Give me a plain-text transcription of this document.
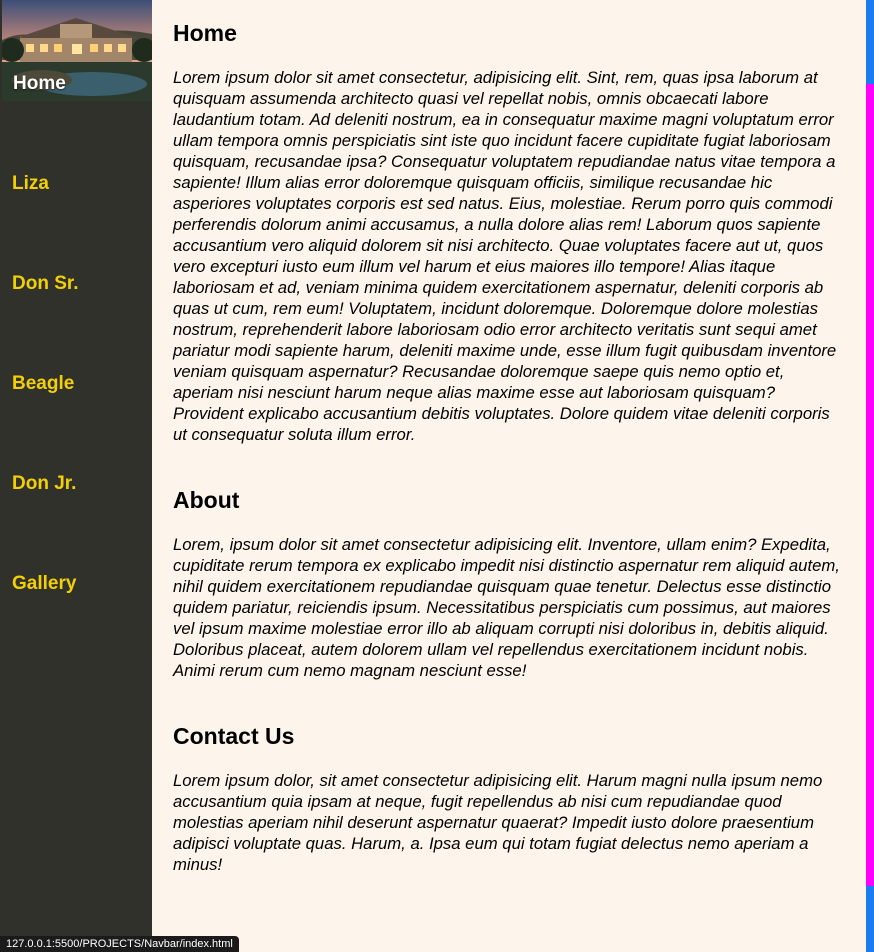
Home
Liza
Don Sr.
Beagle
Don Jr.
Gallery
Home

Lorem ipsum dolor sit amet consectetur, adipisicing elit. Sint, rem, quas ipsa laborum at quisquam assumenda architecto quasi vel repellat nobis, omnis obcaecati labore laudantium totam. Ad deleniti nostrum, ea in consequatur maxime magni voluptatum error ullam tempora omnis perspiciatis sint iste quo incidunt facere cupiditate fugiat laboriosam quisquam, recusandae ipsa? Consequatur voluptatem repudiandae natus vitae tempora a sapiente! Illum alias error doloremque quisquam officiis, similique recusandae hic asperiores voluptates corporis est sed natus. Eius, molestiae. Rerum porro quis commodi perferendis dolorum animi accusamus, a nulla dolore alias rem! Laborum quos sapiente accusantium vero aliquid dolorem sit nisi architecto. Quae voluptates facere aut ut, quos vero excepturi iusto eum illum vel harum et eius maiores illo tempore! Alias itaque laboriosam et ad, veniam minima quidem exercitationem aspernatur, deleniti corporis ab quas ut cum, rem eum! Voluptatem, incidunt doloremque. Doloremque dolore molestias nostrum, reprehenderit labore laboriosam odio error architecto veritatis sunt sequi amet pariatur modi sapiente harum, deleniti maxime unde, esse illum fugit quibusdam inventore veniam quisquam aspernatur? Recusandae doloremque saepe quis nemo optio et, aperiam nisi nesciunt harum neque alias maxime esse aut laboriosam quisquam? Provident explicabo accusantium debitis voluptates. Dolore quidem vitae deleniti corporis ut consequatur soluta illum error.

About

Lorem, ipsum dolor sit amet consectetur adipisicing elit. Inventore, ullam enim? Expedita, cupiditate rerum tempora ex explicabo impedit nisi distinctio aspernatur rem aliquid autem, nihil quidem exercitationem repudiandae quisquam quae tenetur. Delectus esse distinctio quidem pariatur, reiciendis ipsum. Necessitatibus perspiciatis cum possimus, aut maiores vel ipsum maxime molestiae error illo ab aliquam corrupti nisi doloribus in, debitis aliquid. Doloribus placeat, autem dolorem ullam vel repellendus exercitationem incidunt nobis. Animi rerum cum nemo magnam nesciunt esse!

Contact Us

Lorem ipsum dolor, sit amet consectetur adipisicing elit. Harum magni nulla ipsum nemo accusantium quia ipsam at neque, fugit repellendus ab nisi cum repudiandae quod molestias aperiam nihil deserunt aspernatur quaerat? Impedit iusto dolore praesentium adipisci voluptate quas. Harum, a. Ipsa eum qui totam fugiat delectus nemo aperiam a minus!

127.0.0.1:5500/PROJECTS/Navbar/index.html
